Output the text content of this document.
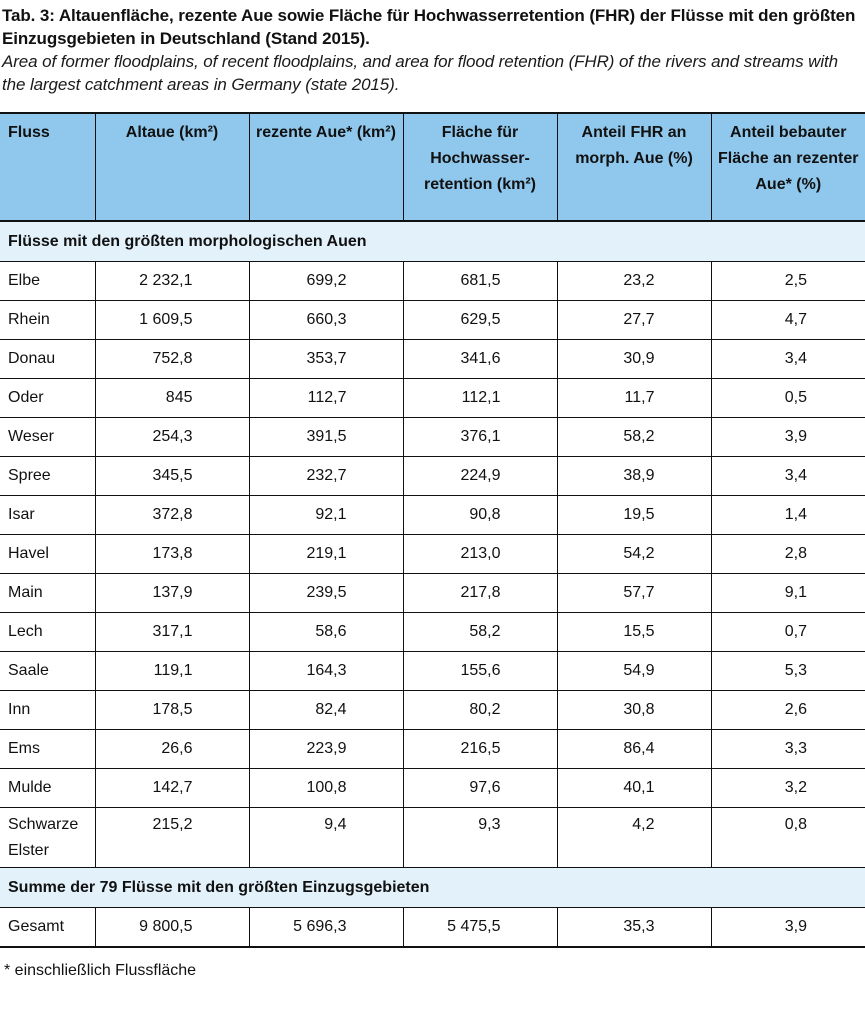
Tab. 3: Altauenfläche, rezente Aue sowie Fläche für Hochwasserretention (FHR) der Flüsse mit den größten Einzugsgebieten in Deutschland (Stand 2015).

Area of former floodplains, of recent floodplains, and area for flood retention (FHR) of the rivers and streams with the largest catchment areas in Germany (state 2015).

Fluss	Altaue (km²)	rezente Aue* (km²)	Fläche für Hochwasser-retention (km²)	Anteil FHR an morph. Aue (%)	Anteil bebauter Fläche an rezenter Aue* (%)
Flüsse mit den größten morphologischen Auen					
Elbe	2 232,1	699,2	681,5	23,2	2,5
Rhein	1 609,5	660,3	629,5	27,7	4,7
Donau	752,8	353,7	341,6	30,9	3,4
Oder	845	112,7	112,1	11,7	0,5
Weser	254,3	391,5	376,1	58,2	3,9
Spree	345,5	232,7	224,9	38,9	3,4
Isar	372,8	92,1	90,8	19,5	1,4
Havel	173,8	219,1	213,0	54,2	2,8
Main	137,9	239,5	217,8	57,7	9,1
Lech	317,1	58,6	58,2	15,5	0,7
Saale	119,1	164,3	155,6	54,9	5,3
Inn	178,5	82,4	80,2	30,8	2,6
Ems	26,6	223,9	216,5	86,4	3,3
Mulde	142,7	100,8	97,6	40,1	3,2
Schwarze
Elster	215,2	9,4	9,3	4,2	0,8
Summe der 79 Flüsse mit den größten Einzugsgebieten					
Gesamt	9 800,5	5 696,3	5 475,5	35,3	3,9
* einschließlich Flussfläche
